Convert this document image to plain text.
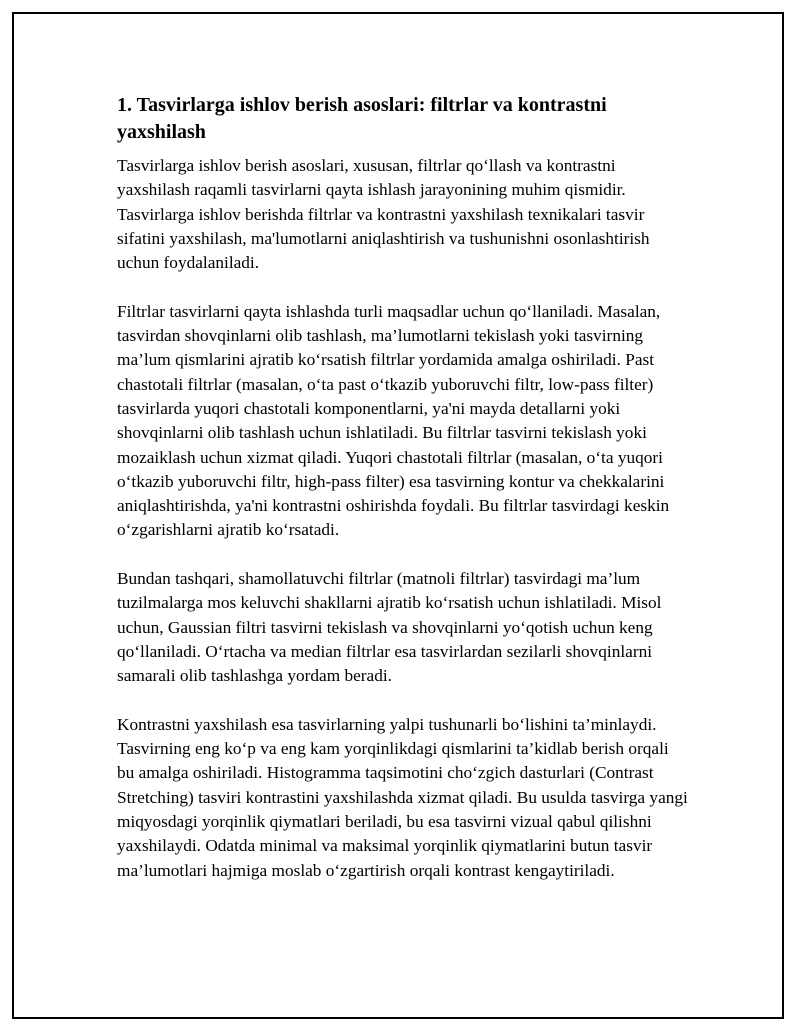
1. Tasvirlarga ishlov berish asoslari: filtrlar va kontrastni yaxshilash

Tasvirlarga ishlov berish asoslari, xususan, filtrlar qo‘llash va kontrastni yaxshilash raqamli tasvirlarni qayta ishlash jarayonining muhim qismidir. Tasvirlarga ishlov berishda filtrlar va kontrastni yaxshilash texnikalari tasvir sifatini yaxshilash, ma'lumotlarni aniqlashtirish va tushunishni osonlashtirish uchun foydalaniladi.

Filtrlar tasvirlarni qayta ishlashda turli maqsadlar uchun qo‘llaniladi. Masalan, tasvirdan shovqinlarni olib tashlash, ma’lumotlarni tekislash yoki tasvirning ma’lum qismlarini ajratib ko‘rsatish filtrlar yordamida amalga oshiriladi. Past chastotali filtrlar (masalan, o‘ta past o‘tkazib yuboruvchi filtr, low-pass filter) tasvirlarda yuqori chastotali komponentlarni, ya'ni mayda detallarni yoki shovqinlarni olib tashlash uchun ishlatiladi. Bu filtrlar tasvirni tekislash yoki mozaiklash uchun xizmat qiladi. Yuqori chastotali filtrlar (masalan, o‘ta yuqori o‘tkazib yuboruvchi filtr, high-pass filter) esa tasvirning kontur va chekkalarini aniqlashtirishda, ya'ni kontrastni oshirishda foydali. Bu filtrlar tasvirdagi keskin o‘zgarishlarni ajratib ko‘rsatadi.

Bundan tashqari, shamollatuvchi filtrlar (matnoli filtrlar) tasvirdagi ma’lum tuzilmalarga mos keluvchi shakllarni ajratib ko‘rsatish uchun ishlatiladi. Misol uchun, Gaussian filtri tasvirni tekislash va shovqinlarni yo‘qotish uchun keng qo‘llaniladi. O‘rtacha va median filtrlar esa tasvirlardan sezilarli shovqinlarni samarali olib tashlashga yordam beradi.

Kontrastni yaxshilash esa tasvirlarning yalpi tushunarli bo‘lishini ta’minlaydi. Tasvirning eng ko‘p va eng kam yorqinlikdagi qismlarini ta’kidlab berish orqali bu amalga oshiriladi. Histogramma taqsimotini cho‘zgich dasturlari (Contrast Stretching) tasviri kontrastini yaxshilashda xizmat qiladi. Bu usulda tasvirga yangi miqyosdagi yorqinlik qiymatlari beriladi, bu esa tasvirni vizual qabul qilishni yaxshilaydi. Odatda minimal va maksimal yorqinlik qiymatlarini butun tasvir ma’lumotlari hajmiga moslab o‘zgartirish orqali kontrast kengaytiriladi.
